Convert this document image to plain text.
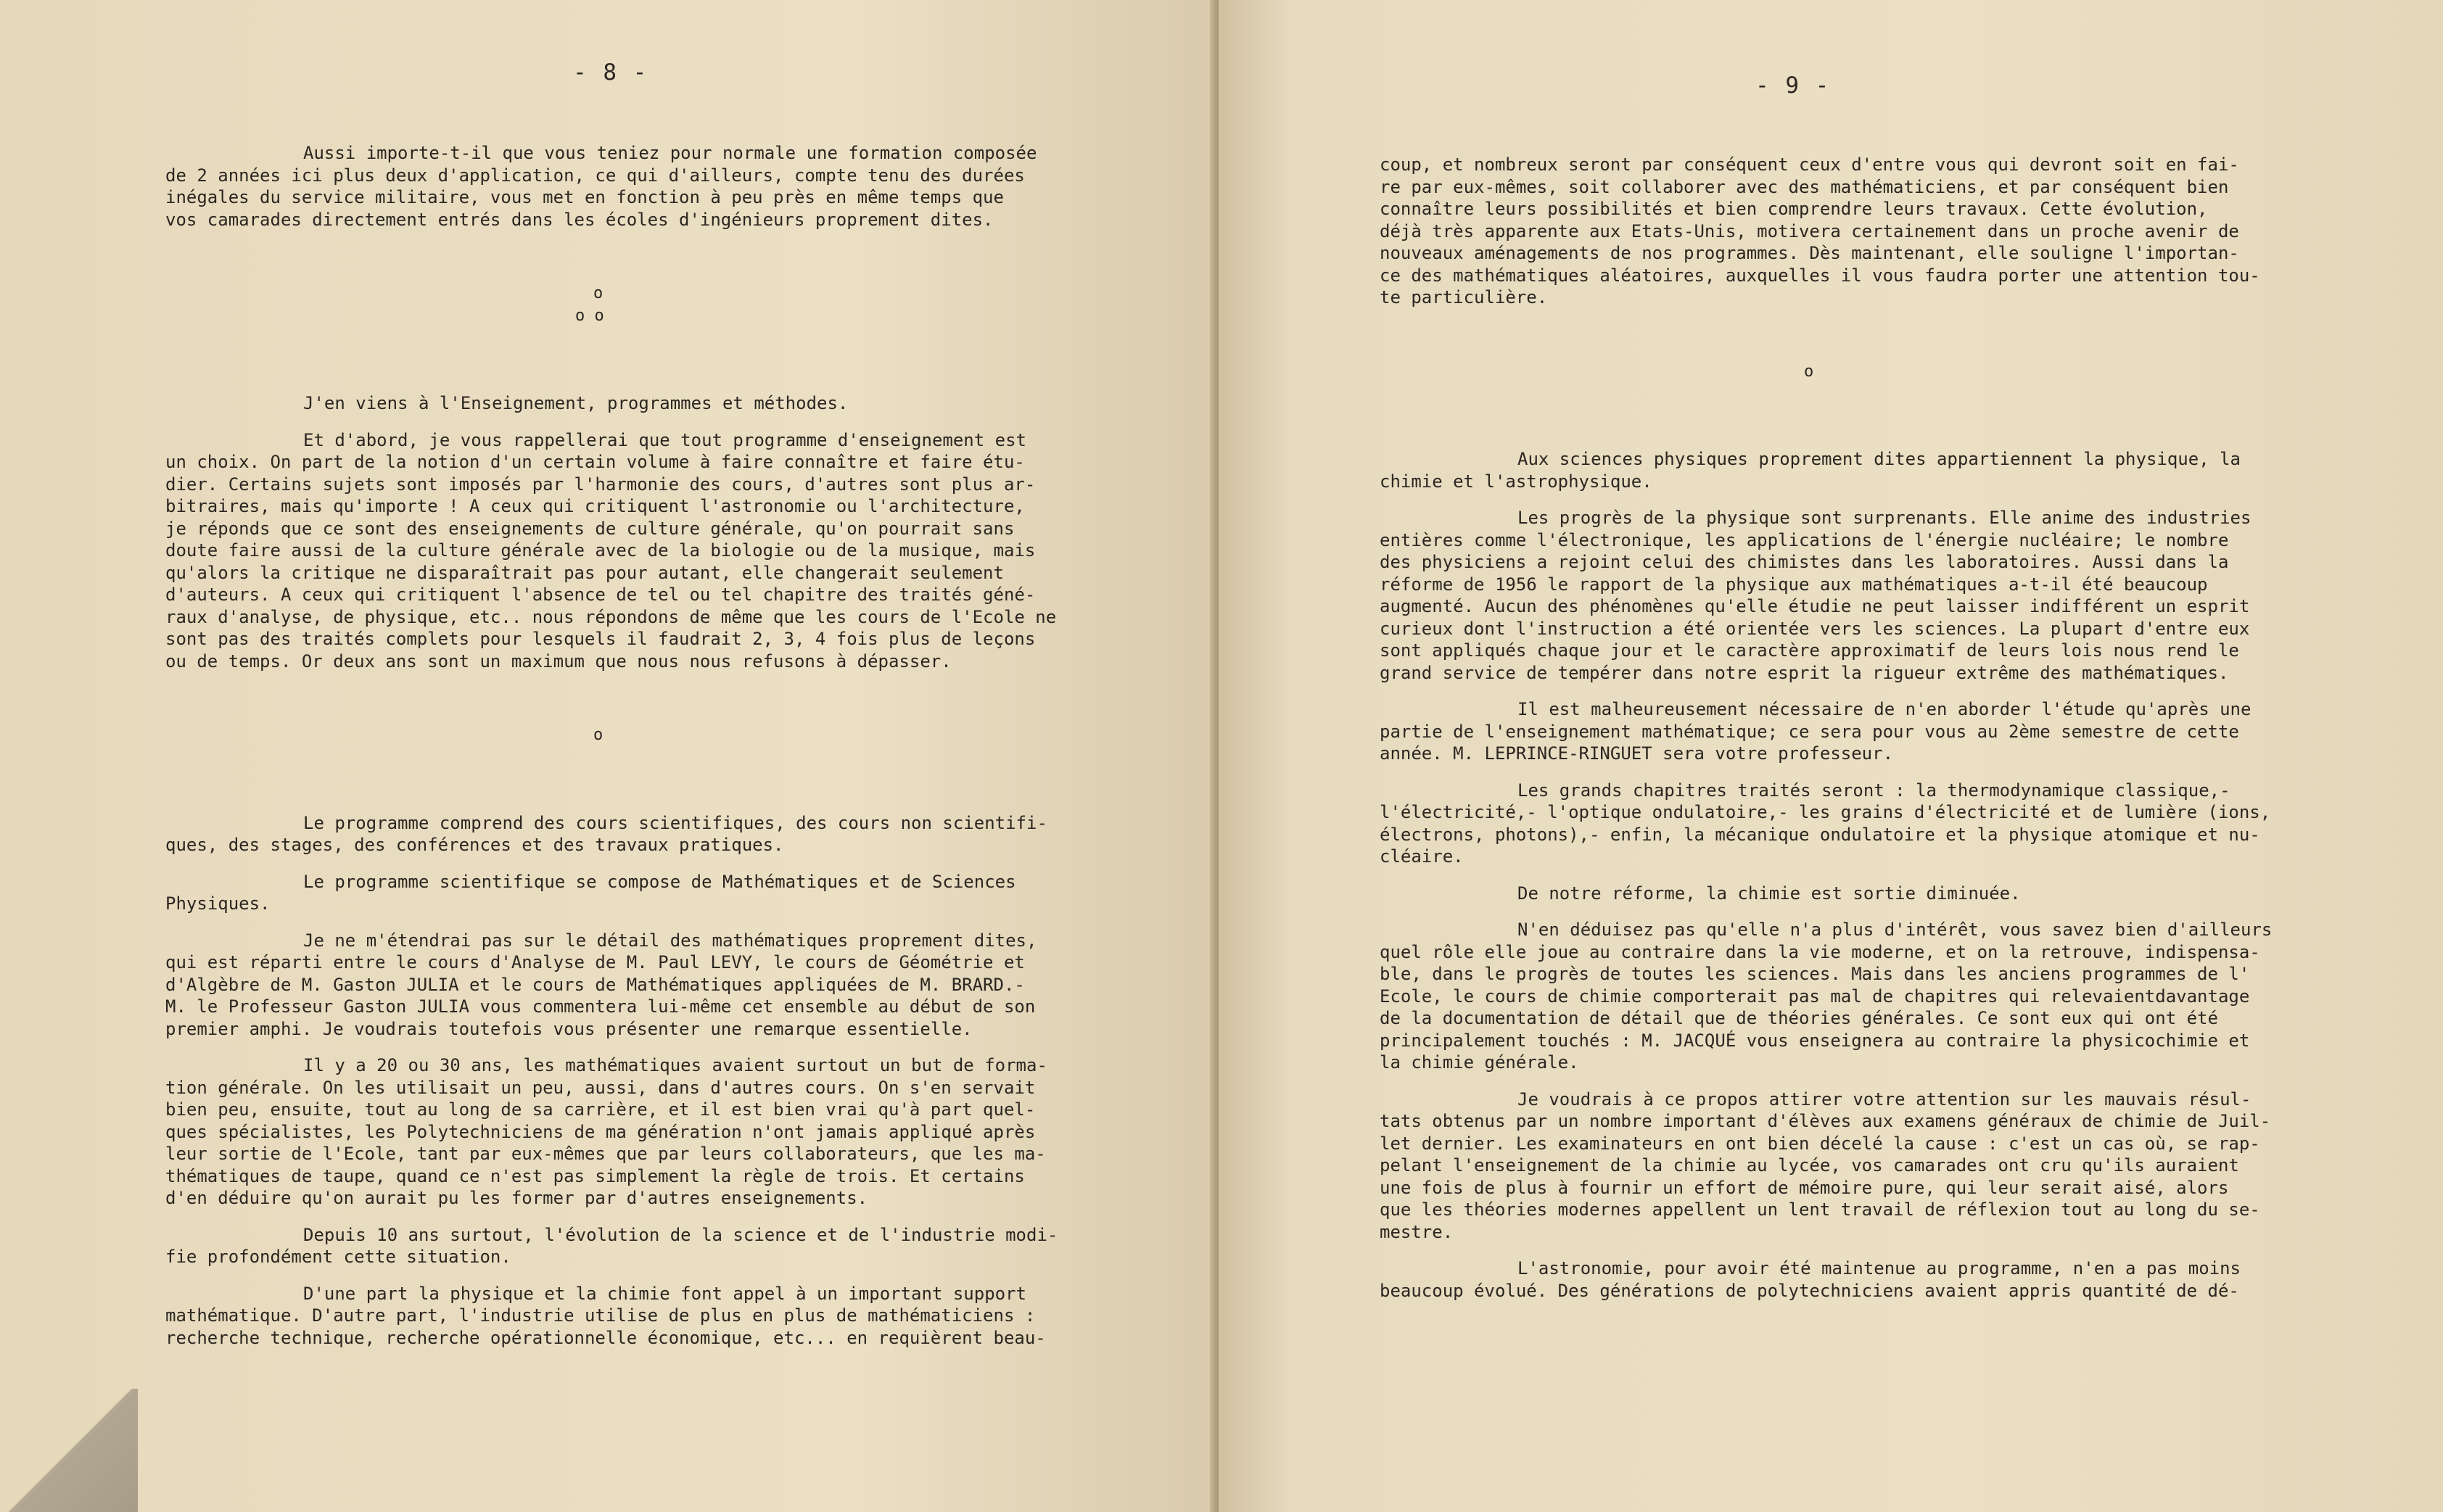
- 8 -
Aussi importe-t-il que vous teniez pour normale une formation composée
de 2 années ici plus deux d'application, ce qui d'ailleurs, compte tenu des durées
inégales du service militaire, vous met en fonction à peu près en même temps que
vos camarades directement entrés dans les écoles d'ingénieurs proprement dites.
o
o o
J'en viens à l'Enseignement, programmes et méthodes.
Et d'abord, je vous rappellerai que tout programme d'enseignement est
un choix. On part de la notion d'un certain volume à faire connaître et faire étu-
dier. Certains sujets sont imposés par l'harmonie des cours, d'autres sont plus ar-
bitraires, mais qu'importe ! A ceux qui critiquent l'astronomie ou l'architecture,
je réponds que ce sont des enseignements de culture générale, qu'on pourrait sans
doute faire aussi de la culture générale avec de la biologie ou de la musique, mais
qu'alors la critique ne disparaîtrait pas pour autant, elle changerait seulement
d'auteurs. A ceux qui critiquent l'absence de tel ou tel chapitre des traités géné-
raux d'analyse, de physique, etc.. nous répondons de même que les cours de l'Ecole ne
sont pas des traités complets pour lesquels il faudrait 2, 3, 4 fois plus de leçons
ou de temps. Or deux ans sont un maximum que nous nous refusons à dépasser.
o
Le programme comprend des cours scientifiques, des cours non scientifi-
ques, des stages, des conférences et des travaux pratiques.
Le programme scientifique se compose de Mathématiques et de Sciences
Physiques.
Je ne m'étendrai pas sur le détail des mathématiques proprement dites,
qui est réparti entre le cours d'Analyse de M. Paul LEVY, le cours de Géométrie et
d'Algèbre de M. Gaston JULIA et le cours de Mathématiques appliquées de M. BRARD.-
M. le Professeur Gaston JULIA vous commentera lui-même cet ensemble au début de son
premier amphi. Je voudrais toutefois vous présenter une remarque essentielle.
Il y a 20 ou 30 ans, les mathématiques avaient surtout un but de forma-
tion générale. On les utilisait un peu, aussi, dans d'autres cours. On s'en servait
bien peu, ensuite, tout au long de sa carrière, et il est bien vrai qu'à part quel-
ques spécialistes, les Polytechniciens de ma génération n'ont jamais appliqué après
leur sortie de l'Ecole, tant par eux-mêmes que par leurs collaborateurs, que les ma-
thématiques de taupe, quand ce n'est pas simplement la règle de trois. Et certains
d'en déduire qu'on aurait pu les former par d'autres enseignements.
Depuis 10 ans surtout, l'évolution de la science et de l'industrie modi-
fie profondément cette situation.
D'une part la physique et la chimie font appel à un important support
mathématique. D'autre part, l'industrie utilise de plus en plus de mathématiciens :
recherche technique, recherche opérationnelle économique, etc... en requièrent beau-
- 9 -
coup, et nombreux seront par conséquent ceux d'entre vous qui devront soit en fai-
re par eux-mêmes, soit collaborer avec des mathématiciens, et par conséquent bien
connaître leurs possibilités et bien comprendre leurs travaux. Cette évolution,
déjà très apparente aux Etats-Unis, motivera certainement dans un proche avenir de
nouveaux aménagements de nos programmes. Dès maintenant, elle souligne l'importan-
ce des mathématiques aléatoires, auxquelles il vous faudra porter une attention tou-
te particulière.
o
Aux sciences physiques proprement dites appartiennent la physique, la
chimie et l'astrophysique.
Les progrès de la physique sont surprenants. Elle anime des industries
entières comme l'électronique, les applications de l'énergie nucléaire; le nombre
des physiciens a rejoint celui des chimistes dans les laboratoires. Aussi dans la
réforme de 1956 le rapport de la physique aux mathématiques a-t-il été beaucoup
augmenté. Aucun des phénomènes qu'elle étudie ne peut laisser indifférent un esprit
curieux dont l'instruction a été orientée vers les sciences. La plupart d'entre eux
sont appliqués chaque jour et le caractère approximatif de leurs lois nous rend le
grand service de tempérer dans notre esprit la rigueur extrême des mathématiques.
Il est malheureusement nécessaire de n'en aborder l'étude qu'après une
partie de l'enseignement mathématique; ce sera pour vous au 2ème semestre de cette
année. M. LEPRINCE-RINGUET sera votre professeur.
Les grands chapitres traités seront : la thermodynamique classique,-
l'électricité,- l'optique ondulatoire,- les grains d'électricité et de lumière (ions,
électrons, photons),- enfin, la mécanique ondulatoire et la physique atomique et nu-
cléaire.
De notre réforme, la chimie est sortie diminuée.
N'en déduisez pas qu'elle n'a plus d'intérêt, vous savez bien d'ailleurs
quel rôle elle joue au contraire dans la vie moderne, et on la retrouve, indispensa-
ble, dans le progrès de toutes les sciences. Mais dans les anciens programmes de l'
Ecole, le cours de chimie comporterait pas mal de chapitres qui relevaientdavantage
de la documentation de détail que de théories générales. Ce sont eux qui ont été
principalement touchés : M. JACQUÉ vous enseignera au contraire la physicochimie et
la chimie générale.
Je voudrais à ce propos attirer votre attention sur les mauvais résul-
tats obtenus par un nombre important d'élèves aux examens généraux de chimie de Juil-
let dernier. Les examinateurs en ont bien décelé la cause : c'est un cas où, se rap-
pelant l'enseignement de la chimie au lycée, vos camarades ont cru qu'ils auraient
une fois de plus à fournir un effort de mémoire pure, qui leur serait aisé, alors
que les théories modernes appellent un lent travail de réflexion tout au long du se-
mestre.
L'astronomie, pour avoir été maintenue au programme, n'en a pas moins
beaucoup évolué. Des générations de polytechniciens avaient appris quantité de dé-
